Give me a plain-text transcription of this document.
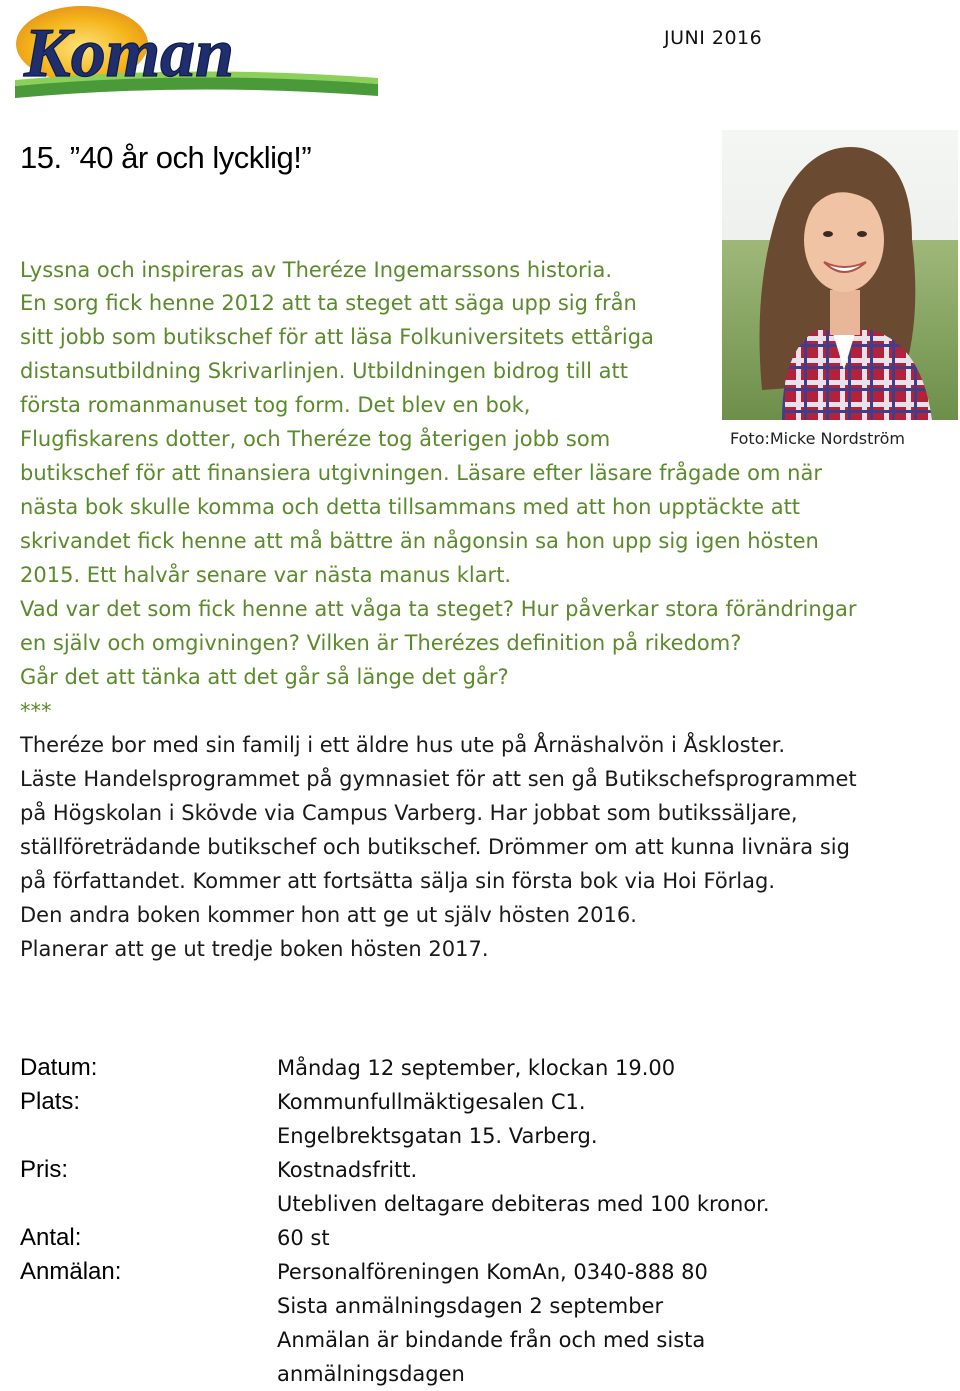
Koman	JUNI 2016
15. ”40 år och lycklig!”
Foto:Micke Nordström

Lyssna och inspireras av Theréze Ingemarssons historia.

En sorg fick henne 2012 att ta steget att säga upp sig från

sitt jobb som butikschef för att läsa Folkuniversitets ettåriga

distansutbildning Skrivarlinjen. Utbildningen bidrog till att

första romanmanuset tog form. Det blev en bok,

Flugfiskarens dotter, och Theréze tog återigen jobb som

butikschef för att finansiera utgivningen. Läsare efter läsare frågade om när

nästa bok skulle komma och detta tillsammans med att hon upptäckte att

skrivandet fick henne att må bättre än någonsin sa hon upp sig igen hösten

2015. Ett halvår senare var nästa manus klart.

Vad var det som fick henne att våga ta steget? Hur påverkar stora förändringar

en själv och omgivningen? Vilken är Therézes definition på rikedom?

Går det att tänka att det går så länge det går?

***

Theréze bor med sin familj i ett äldre hus ute på Årnäshalvön i Åskloster.

Läste Handelsprogrammet på gymnasiet för att sen gå Butikschefsprogrammet

på Högskolan i Skövde via Campus Varberg. Har jobbat som butikssäljare,

ställföreträdande butikschef och butikschef. Drömmer om att kunna livnära sig

på författandet. Kommer att fortsätta sälja sin första bok via Hoi Förlag.

Den andra boken kommer hon att ge ut själv hösten 2016.

Planerar att ge ut tredje boken hösten 2017.

Datum:	Måndag 12 september, klockan 19.00
Plats:	Kommunfullmäktigesalen C1.
Engelbrektsgatan 15. Varberg.
Pris:	Kostnadsfritt.
Utebliven deltagare debiteras med 100 kronor.
Antal:	60 st
Anmälan:	Personalföreningen KomAn, 0340-888 80
Sista anmälningsdagen 2 september
Anmälan är bindande från och med sista
anmälningsdagen
